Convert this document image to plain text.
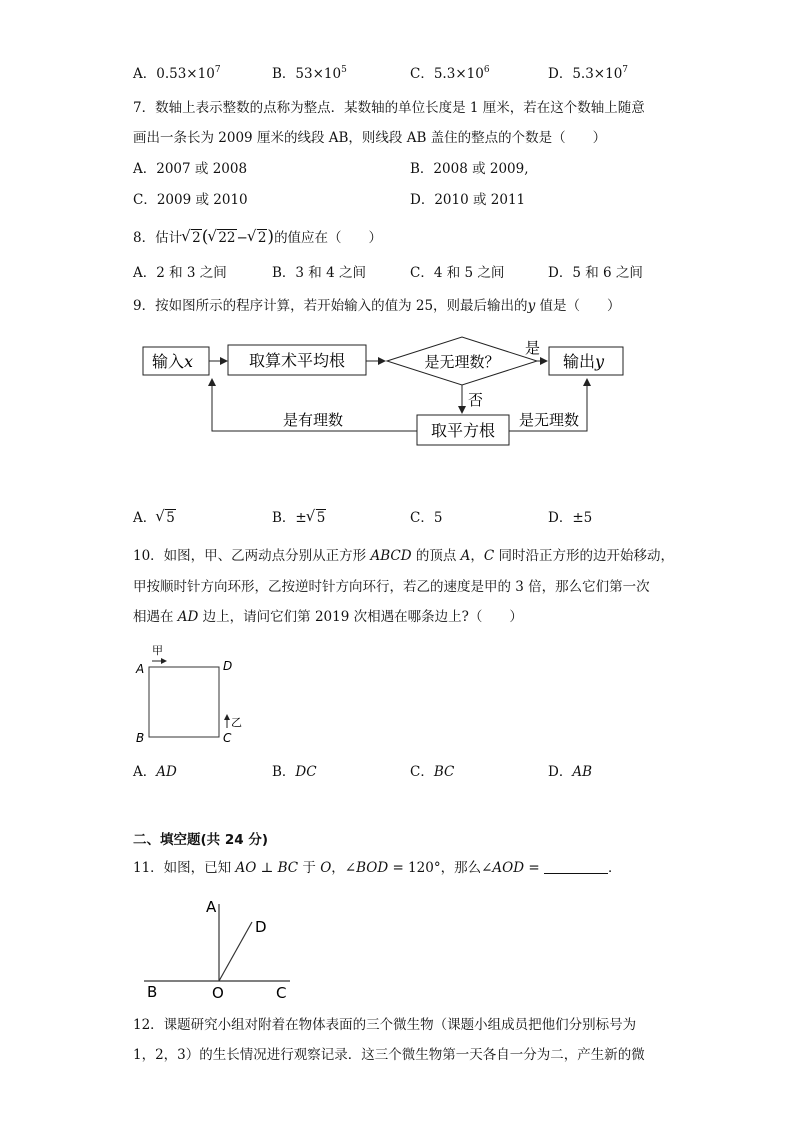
A．$0.53\times 10^7$	B．$53\times 10^5$	C．$5.3\times 10^6$	D．$5.3\times 10^7$
7．数轴上表示整数的点称为整点．某数轴的单位长度是 1 厘米，若在这个数轴上随意
画出一条长为 2009 厘米的线段 AB，则线段 AB 盖住的整点的个数是（　　）
A．2007 或 2008	B．2008 或 2009,
C．2009 或 2010	D．2010 或 2011
8．估计 √ 2( √ 22− √ 2)的值应在（　　）
A．2 和 3 之间	B．3 和 4 之间	C．4 和 5 之间	D．5 和 6 之间
9．按如图所示的程序计算，若开始输入的值为 25，则最后输出的y 值是（　　）
输入x	取算术平均根	是无理数？
是
输出y
否
取平方根
是有理数	是无理数
A． √ 5	B．± √ 5	C．5	D．±5
10．如图，甲、乙两动点分别从正方形 ABCD 的顶点 A，C 同时沿正方形的边开始移动，
甲按顺时针方向环形，乙按逆时针方向环行，若乙的速度是甲的 3 倍，那么它们第一次
相遇在 AD 边上，请问它们第 2019 次相遇在哪条边上?（　　）
A	D
B	C
甲
乙
A．AD	B．DC	C．BC	D．AB
二、填空题(共 24 分)
11．如图，已知 AO ⊥ BC 于 O，∠BOD = 120°，那么∠AOD =	．
A
D
B	O	C
12．课题研究小组对附着在物体表面的三个微生物（课题小组成员把他们分别标号为
1，2，3）的生长情况进行观察记录．这三个微生物第一天各自一分为二，产生新的微
